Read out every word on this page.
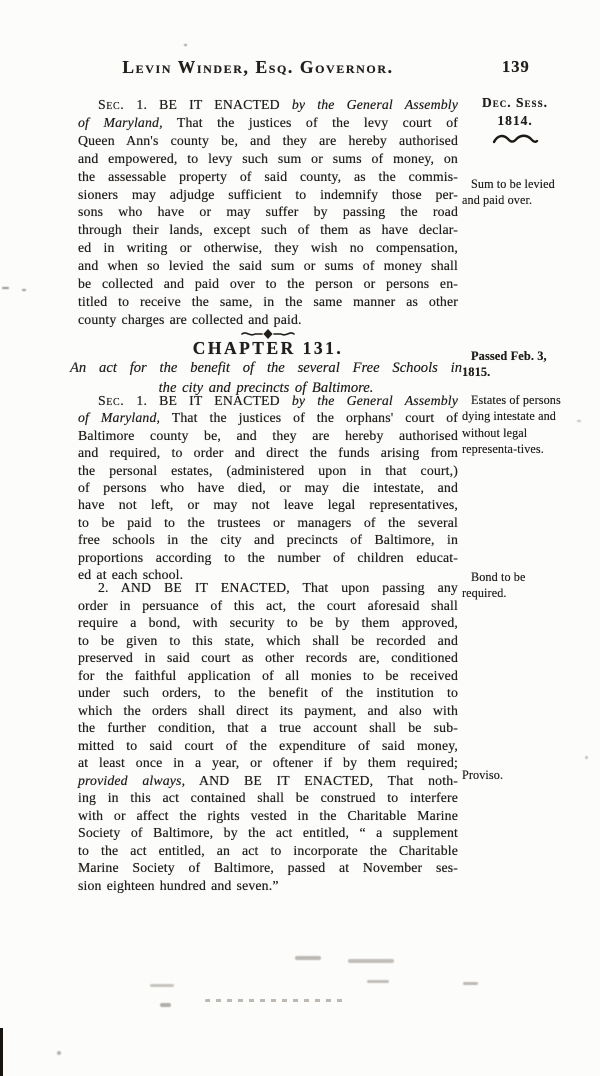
Levin Winder, Esq. Governor.	139
Sec. 1. BE IT ENACTED by the General Assembly
of Maryland, That the justices of the levy court of
Queen Ann's county be, and they are hereby authorised
and empowered, to levy such sum or sums of money, on
the assessable property of said county, as the commis-
sioners may adjudge sufficient to indemnify those per-
sons who have or may suffer by passing the road
through their lands, except such of them as have declar-
ed in writing or otherwise, they wish no compensation,
and when so levied the said sum or sums of money shall
be collected and paid over to the person or persons en-
titled to receive the same, in the same manner as other
county charges are collected and paid.
CHAPTER 131.
An act for the benefit of the several Free Schools in
the city and precincts of Baltimore.
Sec. 1. BE IT ENACTED by the General Assembly
of Maryland, That the justices of the orphans' court of
Baltimore county be, and they are hereby authorised
and required, to order and direct the funds arising from
the personal estates, (administered upon in that court,)
of persons who have died, or may die intestate, and
have not left, or may not leave legal representatives,
to be paid to the trustees or managers of the several
free schools in the city and precincts of Baltimore, in
proportions according to the number of children educat-
ed at each school.
2. AND BE IT ENACTED, That upon passing any
order in persuance of this act, the court aforesaid shall
require a bond, with security to be by them approved,
to be given to this state, which shall be recorded and
preserved in said court as other records are, conditioned
for the faithful application of all monies to be received
under such orders, to the benefit of the institution to
which the orders shall direct its payment, and also with
the further condition, that a true account shall be sub-
mitted to said court of the expenditure of said money,
at least once in a year, or oftener if by them required;
provided always, AND BE IT ENACTED, That noth-
ing in this act contained shall be construed to interfere
with or affect the rights vested in the Charitable Marine
Society of Baltimore, by the act entitled, “ a supplement
to the act entitled, an act to incorporate the Charitable
Marine Society of Baltimore, passed at November ses-
sion eighteen hundred and seven.”
Dec. Sess.
1814.
Sum to be levied and paid over.
Passed Feb. 3, 1815.
Estates of persons dying intestate and without legal representa-tives.
Bond to be required.
Proviso.
